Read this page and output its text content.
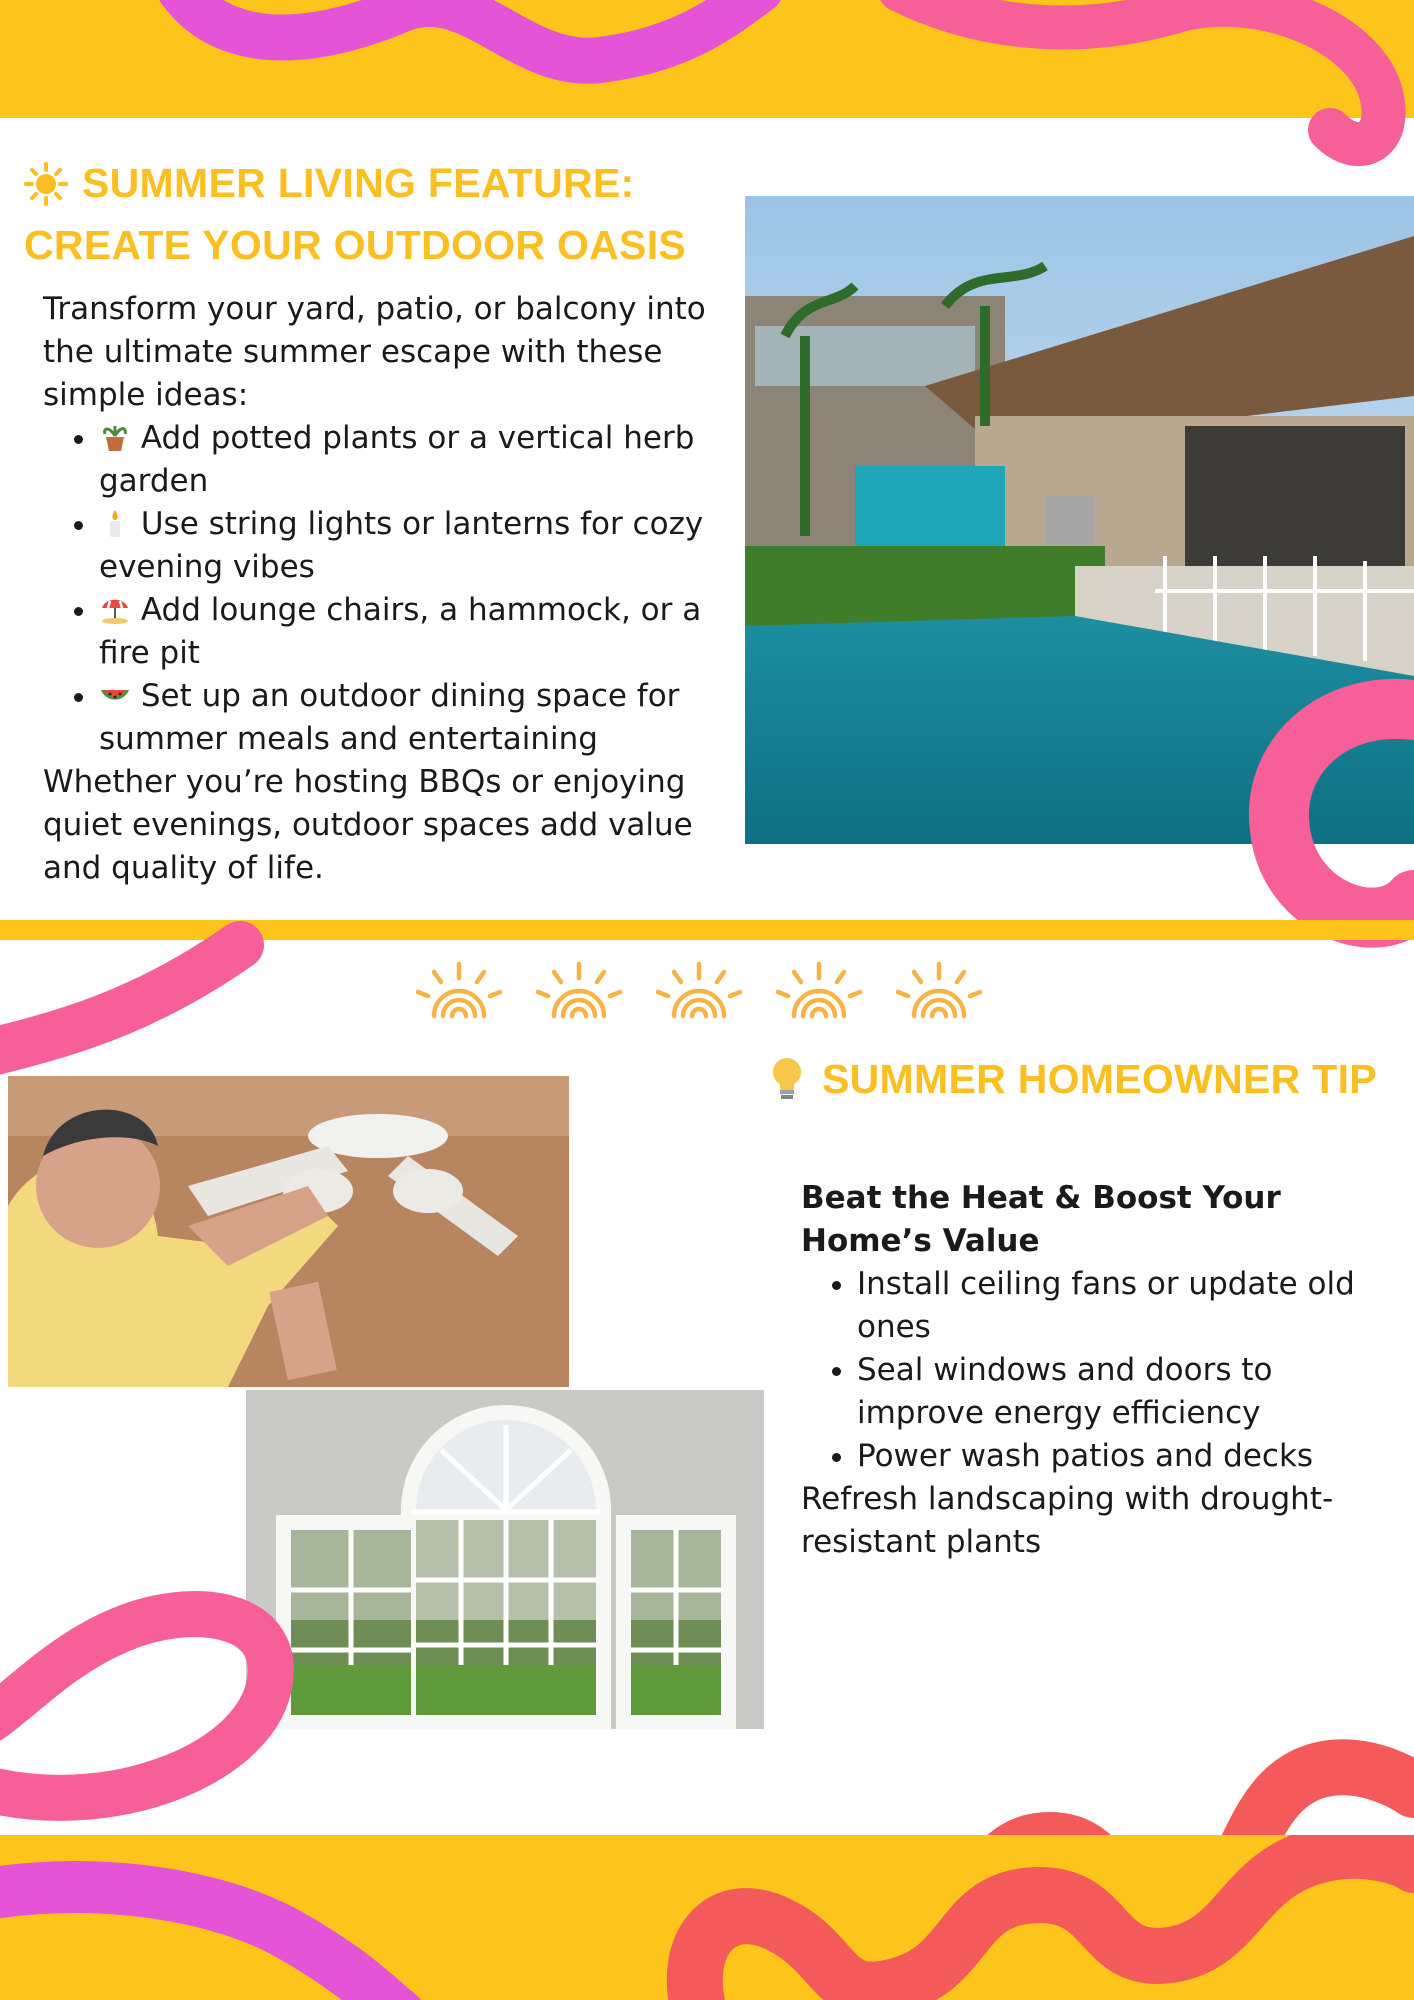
SUMMER LIVING FEATURE:
CREATE YOUR OUTDOOR OASIS

Transform your yard, patio, or balcony into the ultimate summer escape with these simple ideas:

• Add potted plants or a vertical herb garden
• Use string lights or lanterns for cozy evening vibes
• Add lounge chairs, a hammock, or a fire pit
• Set up an outdoor dining space for summer meals and entertaining

Whether you’re hosting BBQs or enjoying quiet evenings, outdoor spaces add value and quality of life.

SUMMER HOMEOWNER TIP

Beat the Heat & Boost Your Home’s Value

• Install ceiling fans or update old ones
• Seal windows and doors to improve energy efficiency
• Power wash patios and decks

Refresh landscaping with drought-resistant plants
